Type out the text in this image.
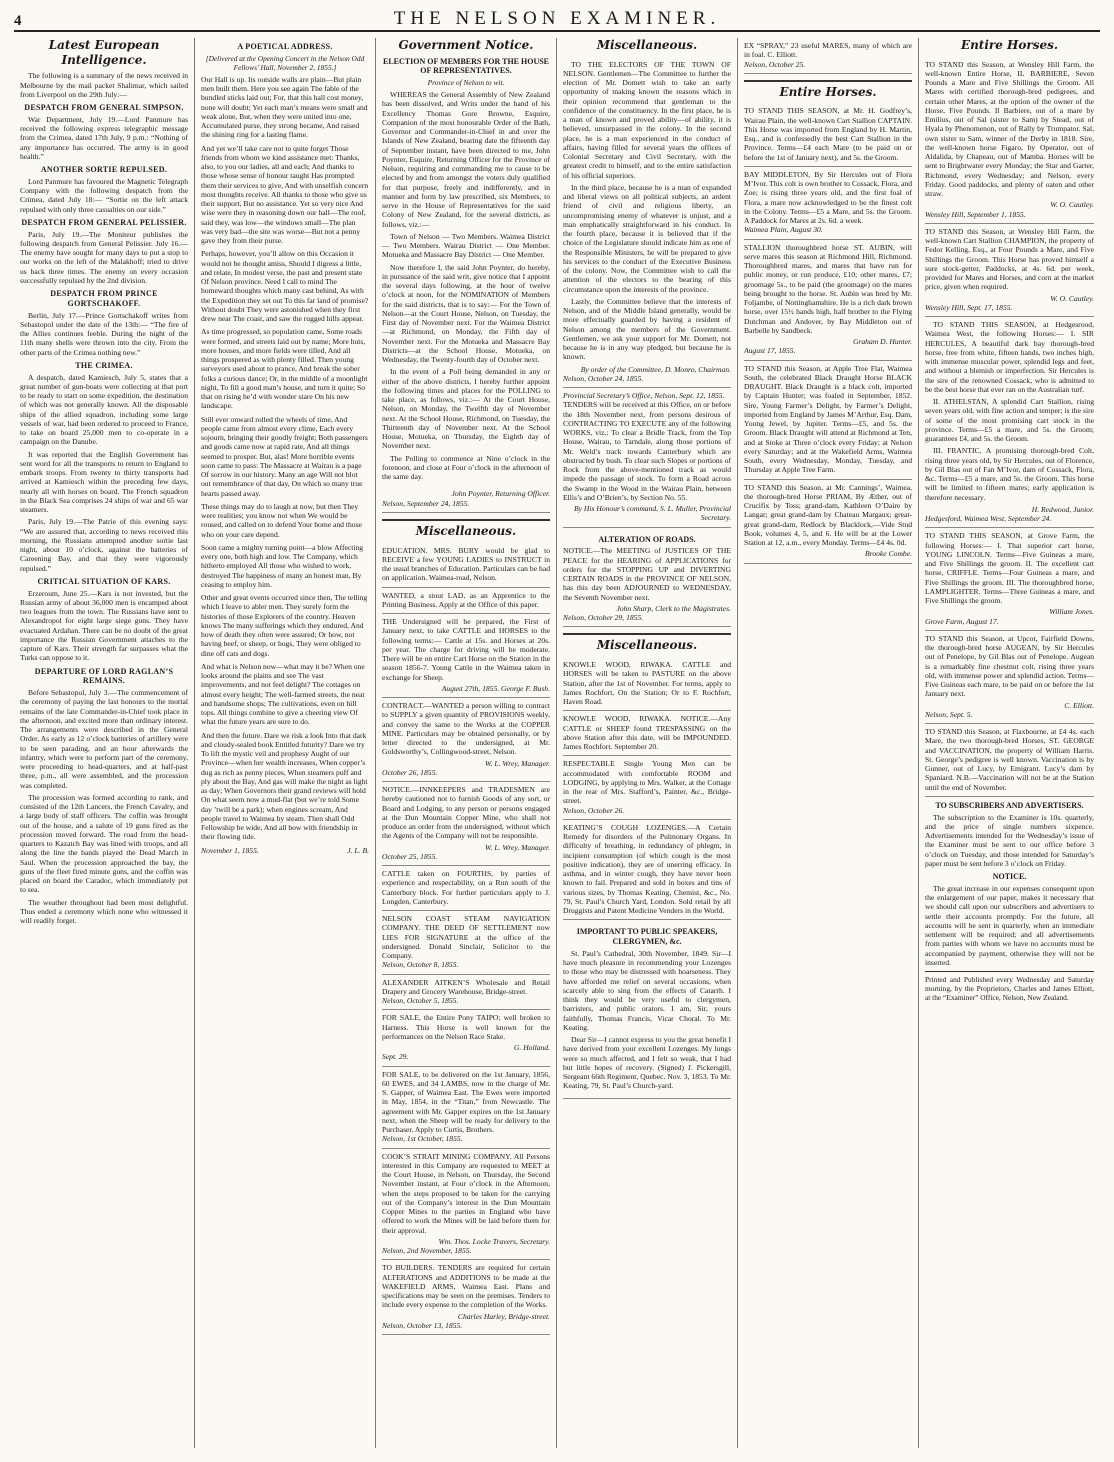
4	THE NELSON EXAMINER.
Latest European Intelligence.

The following is a summary of the news received in Melbourne by the mail packet Shalimar, which sailed from Liverpool on the 29th July:—

DESPATCH FROM GENERAL SIMPSON.

War Department, July 19.—Lord Panmure has received the following express telegraphic message from the Crimea, dated 17th July, 9 p.m.: “Nothing of any importance has occurred. The army is in good health.”

ANOTHER SORTIE REPULSED.

Lord Panmure has favoured the Magnetic Telegraph Company with the following despatch from the Crimea, dated July 18:— “Sortie on the left attack repulsed with only three casualties on our side.”

DESPATCH FROM GENERAL PELISSIER.

Paris, July 19.—The Moniteur publishes the following despatch from General Pelissier. July 16.—The enemy have sought for many days to put a stop to our works on the left of the Malakhoff; tried to drive us back three times. The enemy on every occasion successfully repulsed by the 2nd division.

DESPATCH FROM PRINCE GORTSCHAKOFF.

Berlin, July 17.—Prince Gortschakoff writes from Sebastopol under the date of the 13th:— “The fire of the Allies continues feeble. During the night of the 11th many shells were thrown into the city. From the other parts of the Crimea nothing new.”

THE CRIMEA.

A despatch, dated Kamiesch, July 5, states that a great number of gun-boats were collecting at that port to be ready to start on some expedition, the destination of which was not generally known. All the disposable ships of the allied squadron, including some large vessels of war, had been ordered to proceed to France, to take on board 25,000 men to co-operate in a campaign on the Danube.

It was reported that the English Government has sent word for all the transports to return to England to embark troops. From twenty to thirty transports had arrived at Kamiesch within the preceding few days, nearly all with horses on board. The French squadron in the Black Sea comprises 24 ships of war and 65 war steamers.

Paris, July 19.—The Patrie of this evening says: “We are assured that, according to news received this morning, the Russians attempted another sortie last night, about 10 o’clock, against the batteries of Careening Bay, and that they were vigorously repulsed.”

CRITICAL SITUATION OF KARS.

Erzeroum, June 25.—Kars is not invested, but the Russian army of about 36,000 men is encamped about two leagues from the town. The Russians have sent to Alexandropol for eight large siege guns. They have evacuated Ardahan. There can be no doubt of the great importance the Russian Government attaches to the capture of Kars. Their strength far surpasses what the Turks can oppose to it.

DEPARTURE OF LORD RAGLAN’S REMAINS.

Before Sebastopol, July 3.—The commencement of the ceremony of paying the last honours to the mortal remains of the late Commander-in-Chief took place in the afternoon, and excited more than ordinary interest. The arrangements were described in the General Order. As early as 12 o’clock batteries of artillery were to be seen parading, and an hour afterwards the infantry, which were to perform part of the ceremony, were proceeding to head-quarters, and at half-past three, p.m., all were assembled, and the procession was completed.

The procession was formed according to rank, and consisted of the 12th Lancers, the French Cavalry, and a large body of staff officers. The coffin was brought out of the house, and a salute of 19 guns fired as the procession moved forward. The road from the head-quarters to Kazatch Bay was lined with troops, and all along the line the bands played the Dead March in Saul. When the procession approached the bay, the guns of the fleet fired minute guns, and the coffin was placed on board the Caradoc, which immediately put to sea.

The weather throughout had been most delightful. Thus ended a ceremony which none who witnessed it will readily forget.

A POETICAL ADDRESS.
[Delivered at the Opening Concert in the Nelson Odd Fellows’ Hall, November 2, 1855.]

Our Hall is up. Its outside walls are plain—But plain men built them. Here you see again The fable of the bundled sticks laid out; For, that this hall cost money, none will doubt; Yet each man’s means were small and weak alone, But, when they were united into one, Accumulated purse, they strong became, And raised the shining ring for a lasting flame.

And yet we’ll take care not to quite forget Those friends from whom we kind assistance met: Thanks, also, to you our ladies, all and each; And thanks to those whose sense of honour taught Has prompted them their services to give, And with unselfish concern most thoughts receive. All thanks to those who give us their support, But no assistance. Yet so very nice And wise were they in reasoning down our hall—The roof, said they, was low—the windows small—The plan was very bad—the site was worse—But not a penny gave they from their purse.

Perhaps, however, you’ll allow on this Occasion it would not be thought amiss, Should I digress a little, and relate, In modest verse, the past and present state Of Nelson province. Need I call to mind The homeward thoughts which many cast behind, As with the Expedition they set out To this far land of promise? Without doubt They were astonished when they first drew near The coast, and saw the rugged hills appear.

As time progressed, so population came, Some roads were formed, and streets laid out by name; More huts, more houses, and more fields were tilled, And all things prospered as with plenty filled. Then young surveyors used about to prance, And break the sober folks a curious dance; Or, in the middle of a moonlight night, To fill a good man’s house, and turn it quite; So that on rising he’d with wonder stare On his new landscape.

Still ever onward rolled the wheels of time, And people came from almost every clime, Each every sojourn, bringing their goodly freight; Both passengers and goods came now at rapid rate, And all things seemed to prosper. But, alas! More horrible events soon came to pass: The Massacre at Wairau is a page Of sorrow in our history. Many an age Will not blot out remembrance of that day, On which so many true hearts passed away.

These things may do to laugh at now, but then They were realities; you know not when We would be roused, and called on to defend Your home and those who on your care depend.

Soon came a mighty turning point—a blow Affecting every one, both high and low. The Company, which hitherto employed All those who wished to work, destroyed The happiness of many an honest man, By ceasing to employ him.

Other and great events occurred since then, The telling which I leave to abler men. They surely form the histories of those Explorers of the country. Heaven knows The many sufferings which they endured, And how of death they often were assured; Or how, not having beef, or sheep, or hogs, They were obliged to dine off cats and dogs.

And what is Nelson now—what may it be? When one looks around the plains and see The vast improvements, and not feel delight? The cottages on almost every height; The well-farmed streets, the neat and handsome shops; The cultivations, even on hill tops. All things combine to give a cheering view Of what the future years are sure to do.

And then the future. Dare we risk a look Into that dark and cloudy-sealed book Entitled futurity? Dare we try To lift the mystic veil and prophesy Aught of our Province—when her wealth increases, When copper’s dug as rich as penny pieces, When steamers puff and ply about the Bay, And gas will make the night as light as day; When Governors their grand reviews will hold On what seem now a mud-flat (but we’re told Some day ’twill be a park); when engines scream, And people travel to Waimea by steam. Then shall Odd Fellowship be wide, And all bow with friendship in their flowing tide.

November 1, 1855.	J. L. B.
Government Notice.
ELECTION OF MEMBERS FOR THE HOUSE OF REPRESENTATIVES.
Province of Nelson to wit.

WHEREAS the General Assembly of New Zealand has been dissolved, and Writs under the hand of his Excellency Thomas Gore Browne, Esquire, Companion of the most honourable Order of the Bath, Governor and Commander-in-Chief in and over the Islands of New Zealand, bearing date the fifteenth day of September instant, have been directed to me, John Poynter, Esquire, Returning Officer for the Province of Nelson, requiring and commanding me to cause to be elected by and from amongst the voters duly qualified for that purpose, freely and indifferently, and in manner and form by law prescribed, six Members, to serve in the House of Representatives for the said Colony of New Zealand, for the several districts, as follows, viz.:—

Town of Nelson — Two Members. Waimea District — Two Members. Wairau District — One Member. Motueka and Massacre Bay District — One Member.

Now therefore I, the said John Poynter, do hereby, in pursuance of the said writ, give notice that I appoint the several days following, at the hour of twelve o’clock at noon, for the NOMINATION of Members for the said districts, that is to say:— For the Town of Nelson—at the Court House, Nelson, on Tuesday, the First day of November next. For the Waimea District—at Richmond, on Monday, the Fifth day of November next. For the Motueka and Massacre Bay Districts—at the School House, Motueka, on Wednesday, the Twenty-fourth day of October next.

In the event of a Poll being demanded in any or either of the above districts, I hereby further appoint the following times and places for the POLLING to take place, as follows, viz.:— At the Court House, Nelson, on Monday, the Twelfth day of November next. At the School House, Richmond, on Tuesday, the Thirteenth day of November next. At the School House, Motueka, on Thursday, the Eighth day of November next.

The Polling to commence at Nine o’clock in the forenoon, and close at Four o’clock in the afternoon of the same day.

John Poynter, Returning Officer.
Nelson, September 24, 1855.
Miscellaneous.
EDUCATION. MRS. BURY would be glad to RECEIVE a few YOUNG LADIES to INSTRUCT in the usual branches of Education. Particulars can be had on application. Waimea-road, Nelson.
WANTED, a stout LAD, as an Apprentice to the Printing Business. Apply at the Office of this paper.
THE Undersigned will be prepared, the First of January next, to take CATTLE and HORSES to the following terms:— Cattle at 15s. and Horses at 20s. per year. The charge for driving will be moderate. There will be on entire Cart Horse on the Station in the season 1856-7. Young Cattle in the Waimea taken in exchange for Sheep.
August 27th, 1855. George F. Bush.
CONTRACT.—WANTED a person willing to contract to SUPPLY a given quantity of PROVISIONS weekly, and convey the same to the Works at the COPPER MINE. Particulars may be obtained personally, or by letter directed to the undersigned, at Mr. Goldsworthy’s, Collingwood-street, Nelson.
W. L. Wrey, Manager.
October 26, 1855.
NOTICE.—INNKEEPERS and TRADESMEN are hereby cautioned not to furnish Goods of any sort, or Board and Lodging, to any person or persons engaged at the Dun Mountain Copper Mine, who shall not produce an order from the undersigned, without which the Agents of the Company will not be responsible.
W. L. Wrey, Manager.
October 25, 1855.
CATTLE taken on FOURTHS, by parties of experience and respectability, on a Run south of the Canterbury block. For further particulars apply to J. Longden, Canterbury.
NELSON COAST STEAM NAVIGATION COMPANY. THE DEED OF SETTLEMENT now LIES FOR SIGNATURE at the office of the undersigned. Donald Sinclair, Solicitor to the Company.
Nelson, October 8, 1855.
ALEXANDER AITKEN’S Wholesale and Retail Drapery and Grocery Warehouse, Bridge-street.
Nelson, October 5, 1855.
FOR SALE, the Entire Pony TAIPO; well broken to Harness. This Horse is well known for the performances on the Nelson Race Stake.
G. Holland.
Sept. 29.
FOR SALE, to be delivered on the 1st January, 1856, 60 EWES, and 34 LAMBS, now in the charge of Mr. S. Gapper, of Waimea East. The Ewes were imported in May, 1854, in the “Titan,” from Newcastle. The agreement with Mr. Gapper expires on the 1st January next, when the Sheep will be ready for delivery to the Purchaser. Apply to Curtis, Brothers.
Nelson, 1st October, 1855.
COOK’S STRAIT MINING COMPANY. All Persons interested in this Company are requested to MEET at the Court House, in Nelson, on Thursday, the Second November instant, at Four o’clock in the Afternoon, when the steps proposed to be taken for the carrying out of the Company’s interest in the Dun Mountain Copper Mines to the parties in England who have offered to work the Mines will be laid before them for their approval.
Wm. Thos. Locke Travers, Secretary.
Nelson, 2nd November, 1855.
TO BUILDERS. TENDERS are required for certain ALTERATIONS and ADDITIONS to be made at the WAKEFIELD ARMS, Waimea East. Plans and specifications may be seen on the premises. Tenders to include every expense to the completion of the Works.
Charles Harley, Bridge-street.
Nelson, October 13, 1855.
Miscellaneous.

TO THE ELECTORS OF THE TOWN OF NELSON. Gentlemen—The Committee to further the election of Mr. Domett wish to take an early opportunity of making known the reasons which in their opinion recommend that gentleman to the confidence of the constituency. In the first place, he is a man of known and proved ability—of ability, it is believed, unsurpassed in the colony. In the second place, he is a man experienced in the conduct of affairs, having filled for several years the offices of Colonial Secretary and Civil Secretary, with the greatest credit to himself, and to the entire satisfaction of his official superiors.

In the third place, because he is a man of expanded and liberal views on all political subjects, an ardent friend of civil and religious liberty, an uncompromising enemy of whatever is unjust, and a man emphatically straightforward in his conduct. In the fourth place, because it is believed that if the choice of the Legislature should indicate him as one of the Responsible Ministers, he will be prepared to give his services to the conduct of the Executive Business of the colony. Now, the Committee wish to call the attention of the electors to the bearing of this circumstance upon the interests of the province.

Lastly, the Committee believe that the interests of Nelson, and of the Middle Island generally, would be more effectually guarded by having a resident of Nelson among the members of the Government. Gentlemen, we ask your support for Mr. Domett, not because he is in any way pledged, but because he is known.

By order of the Committee, D. Monro, Chairman.
Nelson, October 24, 1855.
Provincial Secretary’s Office, Nelson, Sept. 12, 1855.
TENDERS will be received at this Office, on or before the 18th November next, from persons desirous of CONTRACTING TO EXECUTE any of the following WORKS, viz.: To clear a Bridle Track, from the Top House, Wairau, to Tarndale, along those portions of Mr. Weld’s track towards Canterbury which are obstructed by bush. To clear such Slopes or portions of Rock from the above-mentioned track as would impede the passage of stock. To form a Road across the Swamp in the Wood in the Wairau Plain, between Ellis’s and O’Brien’s, by Section No. 55.
By His Honour’s command, S. L. Muller, Provincial Secretary.
ALTERATION OF ROADS.
NOTICE.—The MEETING of JUSTICES OF THE PEACE for the HEARING of APPLICATIONS for orders for the STOPPING UP and DIVERTING CERTAIN ROADS in the PROVINCE OF NELSON, has this day been ADJOURNED to WEDNESDAY, the Seventh November next.
John Sharp, Clerk to the Magistrates.
Nelson, October 29, 1855.
Miscellaneous.
KNOWLE WOOD, RIWAKA. CATTLE and HORSES will be taken to PASTURE on the above Station, after the 1st of November. For terms, apply to James Rochfort, On the Station; Or to F. Rochfort, Haven Road.
KNOWLE WOOD, RIWAKA. NOTICE.—Any CATTLE or SHEEP found TRESPASSING on the above Station after this date, will be IMPOUNDED. James Rochfort. September 20.
RESPECTABLE Single Young Men can be accommodated with comfortable ROOM and LODGING, by applying to Mrs. Walker, at the Cottage in the rear of Mrs. Stafford’s, Painter, &c., Bridge-street.
Nelson, October 26.
KEATING’S COUGH LOZENGES.—A Certain Remedy for disorders of the Pulmonary Organs. In difficulty of breathing, in redundancy of phlegm, in incipient consumption (of which cough is the most positive indication), they are of unerring efficacy. In asthma, and in winter cough, they have never been known to fail. Prepared and sold in boxes and tins of various sizes, by Thomas Keating, Chemist, &c., No. 79, St. Paul’s Church Yard, London. Sold retail by all Druggists and Patent Medicine Venders in the World.
IMPORTANT TO PUBLIC SPEAKERS, CLERGYMEN, &c.

St. Paul’s Cathedral, 30th November, 1849. Sir—I have much pleasure in recommending your Lozenges to those who may be distressed with hoarseness. They have afforded me relief on several occasions, when scarcely able to sing from the effects of Catarrh. I think they would be very useful to clergymen, barristers, and public orators. I am, Sir, yours faithfully, Thomas Francis, Vicar Choral. To Mr. Keating.

Dear Sir—I cannot express to you the great benefit I have derived from your excellent Lozenges. My lungs were so much affected, and I felt so weak, that I had but little hopes of recovery. (Signed) J. Pickersgill, Sergeant 66th Regiment, Quebec. Nov. 3, 1853. To Mr. Keating, 79, St. Paul’s Church-yard.

EX “SPRAY,” 23 useful MARES, many of which are in foal. C. Elliott.
Nelson, October 25.
Entire Horses.
TO STAND THIS SEASON, at Mr. H. Godfrey’s, Wairau Plain, the well-known Cart Stallion CAPTAIN. This Horse was imported from England by H. Martin, Esq., and is confessedly the best Cart Stallion in the Province. Terms—£4 each Mare (to be paid on or before the 1st of January next), and 5s. the Groom.
BAY MIDDLETON, By Sir Hercules out of Flora M’Ivor. This colt is own brother to Cossack, Flora, and Zoe; is rising three years old, and the first foal of Flora, a mare now acknowledged to be the finest colt in the Colony. Terms—£5 a Mare, and 5s. the Groom. A Paddock for Mares at 2s. 6d. a week.
Waimea Plain, August 30.
STALLION thoroughbred horse ST. AUBIN, will serve mares this season at Richmond Hill, Richmond. Thoroughbred mares, and mares that have run for public money, or run produce, £10; other mares, £7; groomage 5s., to be paid (the groomage) on the mares being brought to the horse. St. Aubin was bred by Mr. Foljambe, of Nottinghamshire. He is a rich dark brown horse, over 15½ hands high, half brother to the Flying Dutchman and Andover, by Bay Middleton out of Barbelle by Sandbeck.
Graham D. Hunter.
August 17, 1855.
TO STAND this Season, at Apple Tree Flat, Waimea South, the celebrated Black Draught Horse BLACK DRAUGHT. Black Draught is a black colt, imported by Captain Hunter; was foaled in September, 1852. Sire, Young Farmer’s Delight, by Farmer’s Delight, imported from England by James M’Arthur, Esq. Dam, Young Jewel, by Jupiter. Terms—£5, and 5s. the Groom. Black Draught will attend at Richmond at Ten, and at Stoke at Three o’clock every Friday; at Nelson every Saturday; and at the Wakefield Arms, Waimea South, every Wednesday, Monday, Tuesday, and Thursday at Apple Tree Farm.
TO STAND this Season, at Mr. Cannings’, Waimea, the thorough-bred Horse PRIAM, By Æther, out of Crucifix by Toss; grand-dam, Kathleen O’Daire by Langar; great grand-dam by Chateau Margaux; great-great grand-dam, Redlock by Blacklock,—Vide Stud Book, volumes 4, 5, and 6. He will be at the Lower Station at 12, a.m., every Monday. Terms—£4 4s. 0d.
Brooke Combe.
Entire Horses.
TO STAND this Season, at Wensley Hill Farm, the well-known Entire Horse, IL BARBIERE, Seven Pounds a Mare and Five Shillings the Groom. All Mares with certified thorough-bred pedigrees, and certain other Mares, at the option of the owner of the Horse, Five Pounds. Il Barbiere, out of a mare by Emilius, out of Sal (sister to Sam) by Stead, out of Hyala by Phenomenon, out of Rally by Trumpator. Sal, own sister to Sam, winner of the Derby in 1818. Sire, the well-known horse Figaro, by Operator, out of Aldalida, by Chapeau, out of Mamba. Horses will be sent to Brightwater every Monday; the Star and Garter, Richmond, every Wednesday; and Nelson, every Friday. Good paddocks, and plenty of oaten and other straw.
W. O. Cautley.
Wensley Hill, September 1, 1855.
TO STAND this Season, at Wensley Hill Farm, the well-known Cart Stallion CHAMPION, the property of Fedor Kelling, Esq., at Four Pounds a Mare, and Five Shillings the Groom. This Horse has proved himself a sure stock-getter, Paddocks, at 4s. 6d. per week, provided for Mares and Horses, and corn at the market price, given when required.
W. O. Cautley.
Wensley Hill, Sept. 17, 1855.

TO STAND THIS SEASON, at Hedgesrood, Waimea West, the following Horses:— I. SIR HERCULES, A beautiful dark bay thorough-bred horse, free from white, fifteen hands, two inches high, with immense muscular power, splendid legs and feet, and without a blemish or imperfection. Sir Hercules is the sire of the renowned Cossack, who is admitted to be the best horse that ever ran on the Australian turf.

II. ATHELSTAN, A splendid Cart Stallion, rising seven years old, with fine action and temper; is the sire of some of the most promising cart stock in the province. Terms—£5 a mare, and 5s. the Groom; guarantees £4, and 5s. the Groom.

III. FRANTIC, A promising thorough-bred Colt, rising three years old, by Sir Hercules, out of Florence, by Gil Blas out of Fan M’Ivor, dam of Cossack, Flora, &c. Terms—£5 a mare, and 5s. the Groom. This horse will be limited to fifteen mares; early application is therefore necessary.

H. Redwood, Junior.
Hedgesford, Waimea West, September 24.
TO STAND THIS SEASON, at Grove Farm, the following Horses:— I. That superior cart horse, YOUNG LINCOLN. Terms—Five Guineas a mare, and Five Shillings the groom. II. The excellent cart horse, CRIFFLE. Terms—Four Guineas a mare, and Five Shillings the groom. III. The thoroughbred horse, LAMPLIGHTER. Terms—Three Guineas a mare, and Five Shillings the groom.
William Jones.
Grove Farm, August 17.
TO STAND this Season, at Upcot, Fairfield Downs, the thorough-bred horse AUGEAN, by Sir Hercules out of Penelope, by Gil Blas out of Penelope. Augean is a remarkably fine chestnut colt, rising three years old, with immense power and splendid action. Terms—Five Guineas each mare, to be paid on or before the 1st January next.
C. Elliott.
Nelson, Sept. 5.
TO STAND this Season, at Flaxbourne, at £4 4s. each Mare, the two thorough-bred Horses, ST. GEORGE and VACCINATION, the property of William Harris. St. George’s pedigree is well known. Vaccination is by Gunner, out of Lucy, by Emigrant. Lucy’s dam by Spaniard. N.B.—Vaccination will not be at the Station until the end of November.
TO SUBSCRIBERS AND ADVERTISERS.

The subscription to the Examiner is 10s. quarterly, and the price of single numbers sixpence. Advertisements intended for the Wednesday’s issue of the Examiner must be sent to our office before 3 o’clock on Tuesday, and those intended for Saturday’s paper must be sent before 3 o’clock on Friday.

NOTICE.

The great increase in our expenses consequent upon the enlargement of our paper, makes it necessary that we should call upon our subscribers and advertisers to settle their accounts promptly. For the future, all accounts will be sent in quarterly, when an immediate settlement will be required; and all advertisements from parties with whom we have no accounts must be accompanied by payment, otherwise they will not be inserted.

Printed and Published every Wednesday and Saturday morning, by the Proprietors, Charles and James Elliott, at the “Examiner” Office, Nelson, New Zealand.
